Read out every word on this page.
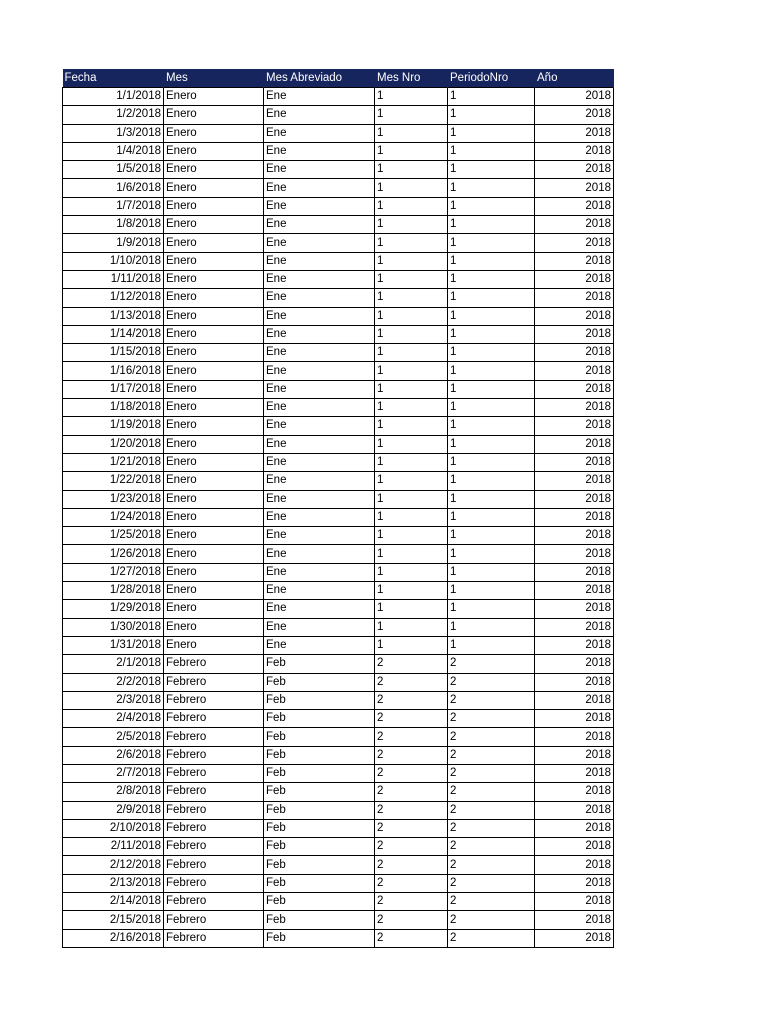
Fecha	Mes	Mes Abreviado	Mes Nro	PeriodoNro	Año
1/1/2018	Enero	Ene	1	1	2018
1/2/2018	Enero	Ene	1	1	2018
1/3/2018	Enero	Ene	1	1	2018
1/4/2018	Enero	Ene	1	1	2018
1/5/2018	Enero	Ene	1	1	2018
1/6/2018	Enero	Ene	1	1	2018
1/7/2018	Enero	Ene	1	1	2018
1/8/2018	Enero	Ene	1	1	2018
1/9/2018	Enero	Ene	1	1	2018
1/10/2018	Enero	Ene	1	1	2018
1/11/2018	Enero	Ene	1	1	2018
1/12/2018	Enero	Ene	1	1	2018
1/13/2018	Enero	Ene	1	1	2018
1/14/2018	Enero	Ene	1	1	2018
1/15/2018	Enero	Ene	1	1	2018
1/16/2018	Enero	Ene	1	1	2018
1/17/2018	Enero	Ene	1	1	2018
1/18/2018	Enero	Ene	1	1	2018
1/19/2018	Enero	Ene	1	1	2018
1/20/2018	Enero	Ene	1	1	2018
1/21/2018	Enero	Ene	1	1	2018
1/22/2018	Enero	Ene	1	1	2018
1/23/2018	Enero	Ene	1	1	2018
1/24/2018	Enero	Ene	1	1	2018
1/25/2018	Enero	Ene	1	1	2018
1/26/2018	Enero	Ene	1	1	2018
1/27/2018	Enero	Ene	1	1	2018
1/28/2018	Enero	Ene	1	1	2018
1/29/2018	Enero	Ene	1	1	2018
1/30/2018	Enero	Ene	1	1	2018
1/31/2018	Enero	Ene	1	1	2018
2/1/2018	Febrero	Feb	2	2	2018
2/2/2018	Febrero	Feb	2	2	2018
2/3/2018	Febrero	Feb	2	2	2018
2/4/2018	Febrero	Feb	2	2	2018
2/5/2018	Febrero	Feb	2	2	2018
2/6/2018	Febrero	Feb	2	2	2018
2/7/2018	Febrero	Feb	2	2	2018
2/8/2018	Febrero	Feb	2	2	2018
2/9/2018	Febrero	Feb	2	2	2018
2/10/2018	Febrero	Feb	2	2	2018
2/11/2018	Febrero	Feb	2	2	2018
2/12/2018	Febrero	Feb	2	2	2018
2/13/2018	Febrero	Feb	2	2	2018
2/14/2018	Febrero	Feb	2	2	2018
2/15/2018	Febrero	Feb	2	2	2018
2/16/2018	Febrero	Feb	2	2	2018
